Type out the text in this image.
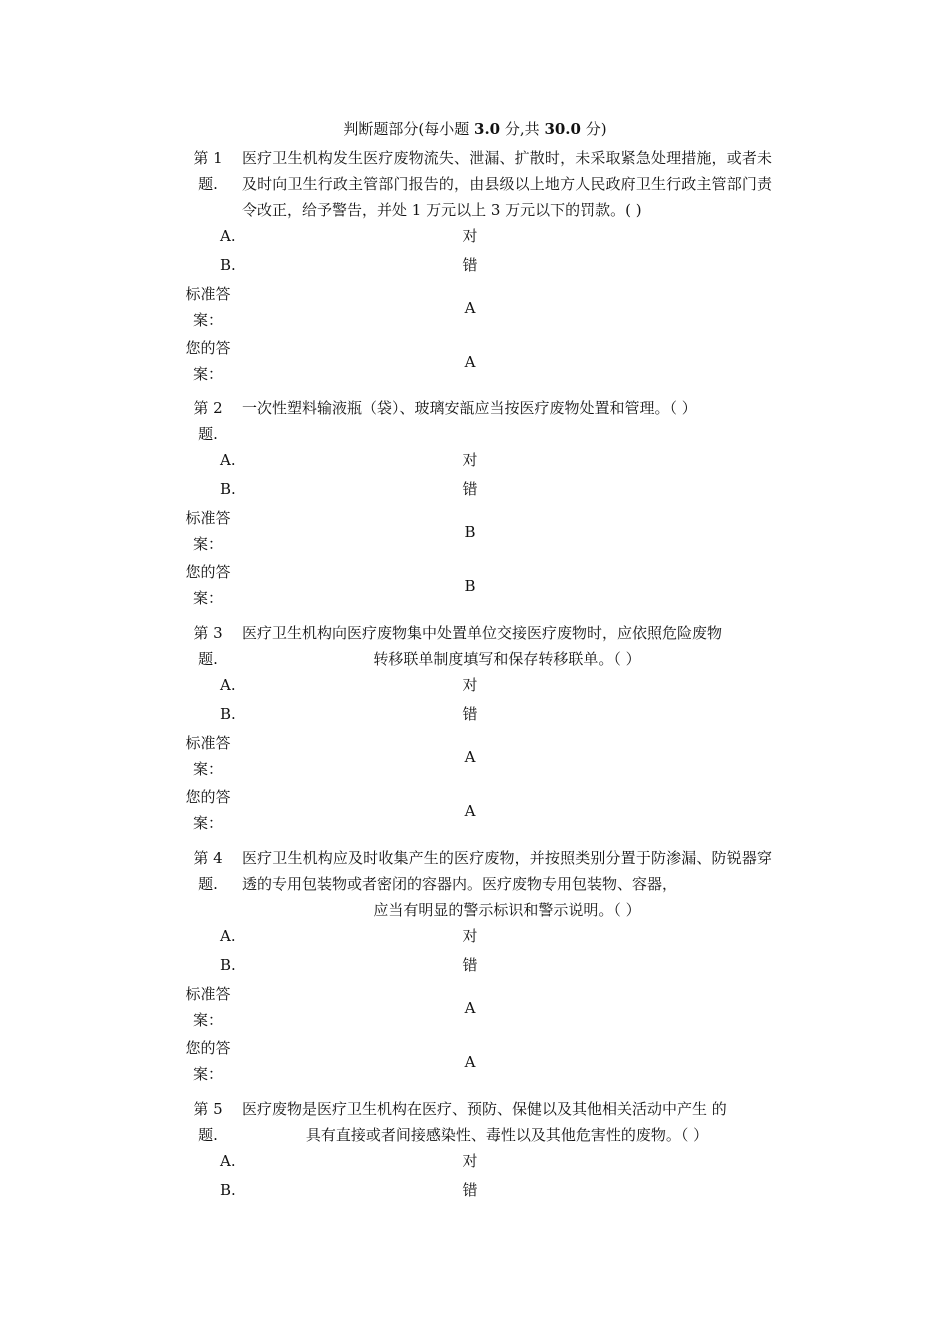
判断题部分(每小题 3.0 分,共 30.0 分)
第 1 题.
医疗卫生机构发生医疗废物流失、泄漏、扩散时，未采取紧急处理措施，或者未及时向卫生行政主管部门报告的，由县级以上地方人民政府卫生行政主管部门责令改正，给予警告，并处 1 万元以上 3 万元以下的罚款。( )
A.	对
B.	错
标准答案：
A
您的答案：
A
第 2 题.
一次性塑料输液瓶（袋）、玻璃安瓿应当按医疗废物处置和管理。（ ）
A.	对
B.	错
标准答案：
B
您的答案：
B
第 3 题.
医疗卫生机构向医疗废物集中处置单位交接医疗废物时，应依照危险废物
转移联单制度填写和保存转移联单。（ ）
A.	对
B.	错
标准答案：
A
您的答案：
A
第 4 题.
医疗卫生机构应及时收集产生的医疗废物，并按照类别分置于防渗漏、防锐器穿透的专用包装物或者密闭的容器内。医疗废物专用包装物、容器，
应当有明显的警示标识和警示说明。（ ）
A.	对
B.	错
标准答案：
A
您的答案：
A
第 5 题.
医疗废物是医疗卫生机构在医疗、预防、保健以及其他相关活动中产生 的
具有直接或者间接感染性、毒性以及其他危害性的废物。（ ）
A.	对
B.	错
